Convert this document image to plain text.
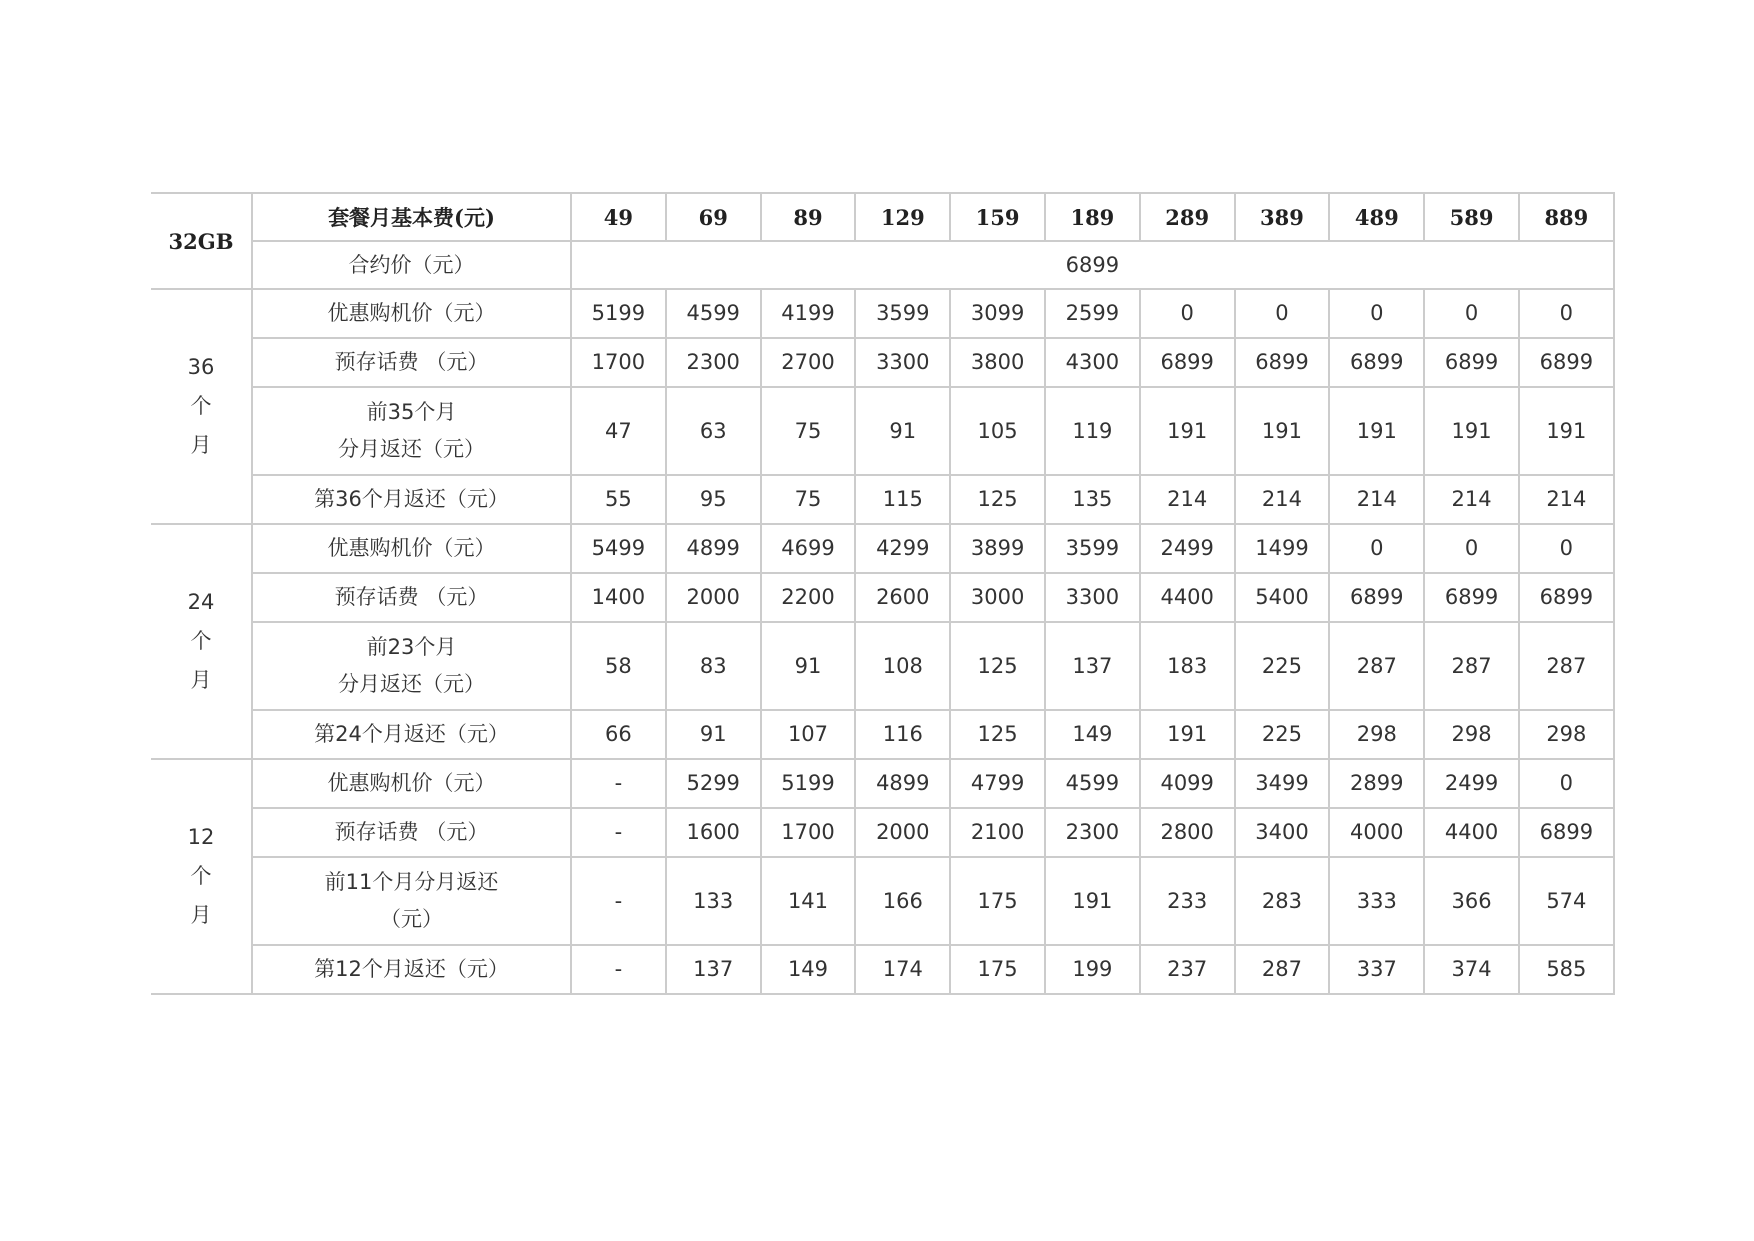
32GB	套餐月基本费(元)	49	69	89	129	159	189	289	389	489	589	889
	合约价（元）	6899										
36
个
月	优惠购机价（元）	5199	4599	4199	3599	3099	2599	0	0	0	0	0
	预存话费 （元）	1700	2300	2700	3300	3800	4300	6899	6899	6899	6899	6899
	前35个月
分月返还（元）	47	63	75	91	105	119	191	191	191	191	191
	第36个月返还（元）	55	95	75	115	125	135	214	214	214	214	214
24
个
月	优惠购机价（元）	5499	4899	4699	4299	3899	3599	2499	1499	0	0	0
	预存话费 （元）	1400	2000	2200	2600	3000	3300	4400	5400	6899	6899	6899
	前23个月
分月返还（元）	58	83	91	108	125	137	183	225	287	287	287
	第24个月返还（元）	66	91	107	116	125	149	191	225	298	298	298
12
个
月	优惠购机价（元）	-	5299	5199	4899	4799	4599	4099	3499	2899	2499	0
	预存话费 （元）	-	1600	1700	2000	2100	2300	2800	3400	4000	4400	6899
	前11个月分月返还
（元）	-	133	141	166	175	191	233	283	333	366	574
	第12个月返还（元）	-	137	149	174	175	199	237	287	337	374	585
